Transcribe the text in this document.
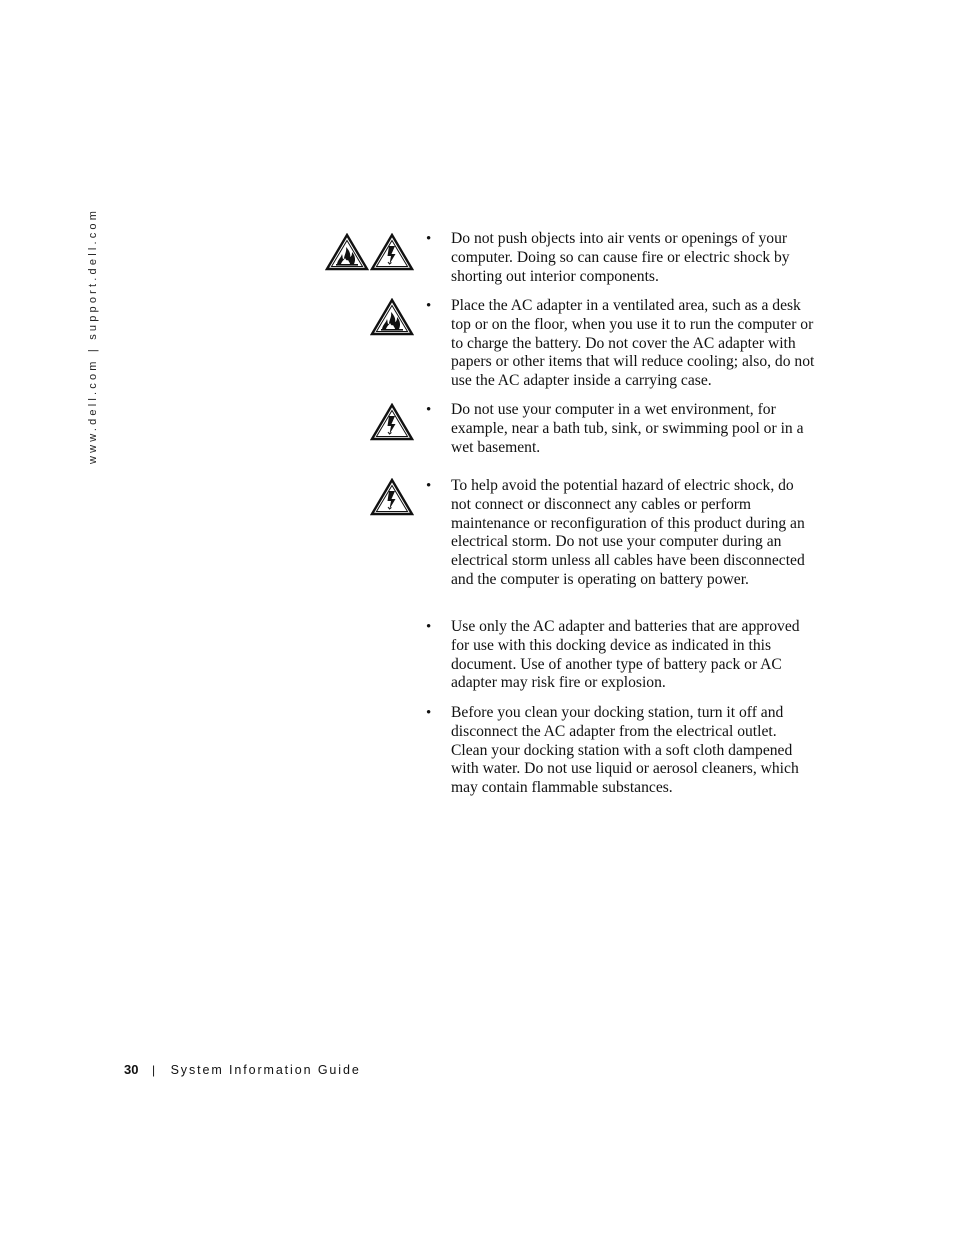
www.dell.com | support.dell.com	• Do not push objects into air vents or openings of your computer. Doing so can cause fire or electric shock by shorting out interior components.
• Place the AC adapter in a ventilated area, such as a desk top or on the floor, when you use it to run the computer or to charge the battery. Do not cover the AC adapter with papers or other items that will reduce cooling; also, do not use the AC adapter inside a carrying case.
• Do not use your computer in a wet environment, for example, near a bath tub, sink, or swimming pool or in a wet basement.
• To help avoid the potential hazard of electric shock, do not connect or disconnect any cables or perform maintenance or reconfiguration of this product during an electrical storm. Do not use your computer during an electrical storm unless all cables have been disconnected and the computer is operating on battery power.
• Use only the AC adapter and batteries that are approved for use with this docking device as indicated in this document. Use of another type of battery pack or AC adapter may risk fire or explosion.
• Before you clean your docking station, turn it off and disconnect the AC adapter from the electrical outlet. Clean your docking station with a soft cloth dampened with water. Do not use liquid or aerosol cleaners, which may contain flammable substances.
30 | System Information Guide
